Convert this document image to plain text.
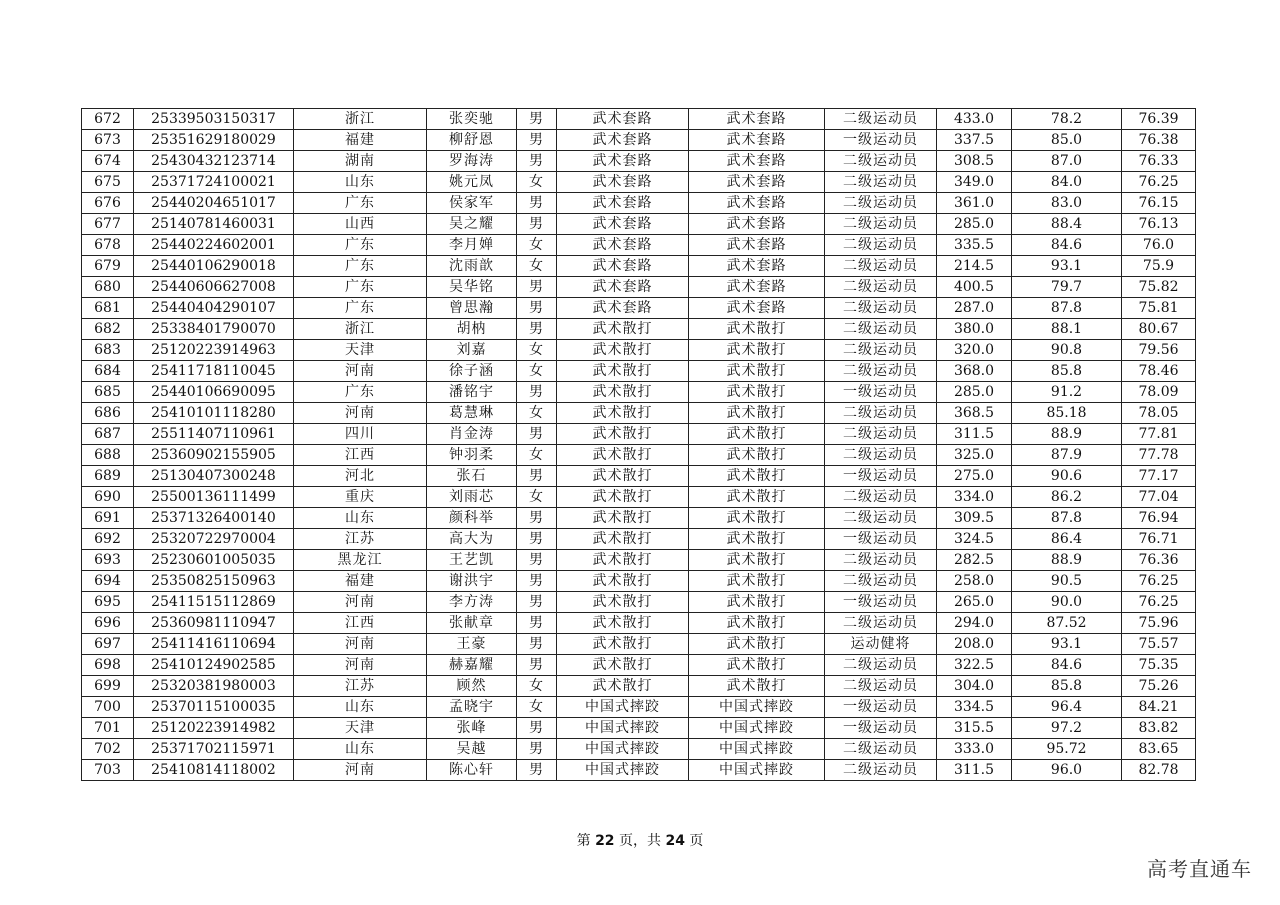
672	25339503150317	浙江	张奕驰	男	武术套路	武术套路	二级运动员	433.0	78.2	76.39
673	25351629180029	福建	柳舒恩	男	武术套路	武术套路	一级运动员	337.5	85.0	76.38
674	25430432123714	湖南	罗海涛	男	武术套路	武术套路	二级运动员	308.5	87.0	76.33
675	25371724100021	山东	姚元凤	女	武术套路	武术套路	二级运动员	349.0	84.0	76.25
676	25440204651017	广东	侯家军	男	武术套路	武术套路	二级运动员	361.0	83.0	76.15
677	25140781460031	山西	吴之耀	男	武术套路	武术套路	二级运动员	285.0	88.4	76.13
678	25440224602001	广东	李月婵	女	武术套路	武术套路	二级运动员	335.5	84.6	76.0
679	25440106290018	广东	沈雨歆	女	武术套路	武术套路	二级运动员	214.5	93.1	75.9
680	25440606627008	广东	吴华铭	男	武术套路	武术套路	二级运动员	400.5	79.7	75.82
681	25440404290107	广东	曾思瀚	男	武术套路	武术套路	二级运动员	287.0	87.8	75.81
682	25338401790070	浙江	胡枘	男	武术散打	武术散打	二级运动员	380.0	88.1	80.67
683	25120223914963	天津	刘嘉	女	武术散打	武术散打	二级运动员	320.0	90.8	79.56
684	25411718110045	河南	徐子涵	女	武术散打	武术散打	二级运动员	368.0	85.8	78.46
685	25440106690095	广东	潘铭宇	男	武术散打	武术散打	一级运动员	285.0	91.2	78.09
686	25410101118280	河南	葛慧琳	女	武术散打	武术散打	二级运动员	368.5	85.18	78.05
687	25511407110961	四川	肖金涛	男	武术散打	武术散打	二级运动员	311.5	88.9	77.81
688	25360902155905	江西	钟羽柔	女	武术散打	武术散打	二级运动员	325.0	87.9	77.78
689	25130407300248	河北	张石	男	武术散打	武术散打	一级运动员	275.0	90.6	77.17
690	25500136111499	重庆	刘雨芯	女	武术散打	武术散打	二级运动员	334.0	86.2	77.04
691	25371326400140	山东	颜科举	男	武术散打	武术散打	二级运动员	309.5	87.8	76.94
692	25320722970004	江苏	高大为	男	武术散打	武术散打	一级运动员	324.5	86.4	76.71
693	25230601005035	黑龙江	王艺凯	男	武术散打	武术散打	二级运动员	282.5	88.9	76.36
694	25350825150963	福建	谢洪宇	男	武术散打	武术散打	二级运动员	258.0	90.5	76.25
695	25411515112869	河南	李方涛	男	武术散打	武术散打	一级运动员	265.0	90.0	76.25
696	25360981110947	江西	张献章	男	武术散打	武术散打	二级运动员	294.0	87.52	75.96
697	25411416110694	河南	王豪	男	武术散打	武术散打	运动健将	208.0	93.1	75.57
698	25410124902585	河南	赫嘉耀	男	武术散打	武术散打	二级运动员	322.5	84.6	75.35
699	25320381980003	江苏	顾然	女	武术散打	武术散打	二级运动员	304.0	85.8	75.26
700	25370115100035	山东	孟晓宇	女	中国式摔跤	中国式摔跤	一级运动员	334.5	96.4	84.21
701	25120223914982	天津	张峰	男	中国式摔跤	中国式摔跤	一级运动员	315.5	97.2	83.82
702	25371702115971	山东	吴越	男	中国式摔跤	中国式摔跤	二级运动员	333.0	95.72	83.65
703	25410814118002	河南	陈心轩	男	中国式摔跤	中国式摔跤	二级运动员	311.5	96.0	82.78
第 22 页，共 24 页
高考直通车
